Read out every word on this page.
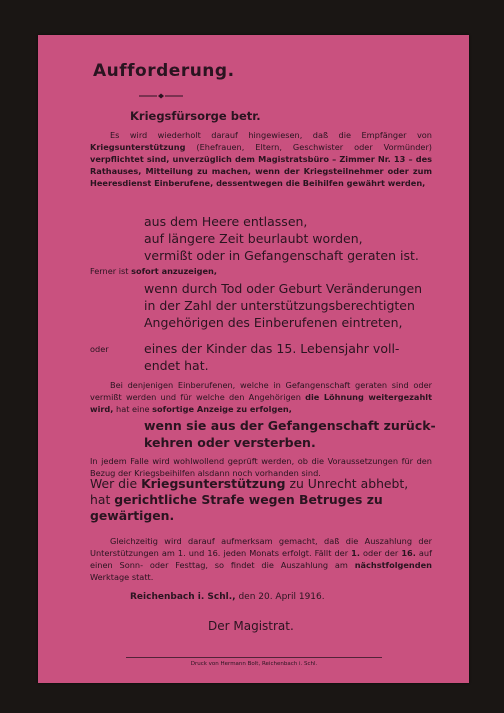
Aufforderung.
Kriegsfürsorge betr.
Es wird wiederholt darauf hingewiesen, daß die Empfänger von Kriegsunterstützung (Ehefrauen, Eltern, Geschwister oder Vormünder) verpflichtet sind, unverzüglich dem Magistratsbüro – Zimmer Nr. 13 – des Rathauses, Mitteilung zu machen, wenn der Kriegsteilnehmer oder zum Heeresdienst Einberufene, dessentwegen die Beihilfen gewährt werden,
aus dem Heere entlassen,
auf längere Zeit beurlaubt worden,
vermißt oder in Gefangenschaft geraten ist.
Ferner ist sofort anzuzeigen,
wenn durch Tod oder Geburt Veränderungen
in der Zahl der unterstützungsberechtigten
Angehörigen des Einberufenen eintreten,
oder	eines der Kinder das 15. Lebensjahr voll-
endet hat.
Bei denjenigen Einberufenen, welche in Gefangenschaft geraten sind oder vermißt werden und für welche den Angehörigen die Löhnung weitergezahlt wird, hat eine sofortige Anzeige zu erfolgen,
wenn sie aus der Gefangenschaft zurück-
kehren oder versterben.
In jedem Falle wird wohlwollend geprüft werden, ob die Voraussetzungen für den Bezug der Kriegsbeihilfen alsdann noch vorhanden sind.
Wer die Kriegsunterstützung zu Unrecht abhebt, hat gerichtliche Strafe wegen Betruges zu gewärtigen.
Gleichzeitig wird darauf aufmerksam gemacht, daß die Auszahlung der Unterstützungen am 1. und 16. jeden Monats erfolgt. Fällt der 1. oder der 16. auf einen Sonn- oder Festtag, so findet die Auszahlung am nächstfolgenden Werktage statt.
Reichenbach i. Schl., den 20. April 1916.
Der Magistrat.
Druck von Hermann Bolt, Reichenbach i. Schl.
